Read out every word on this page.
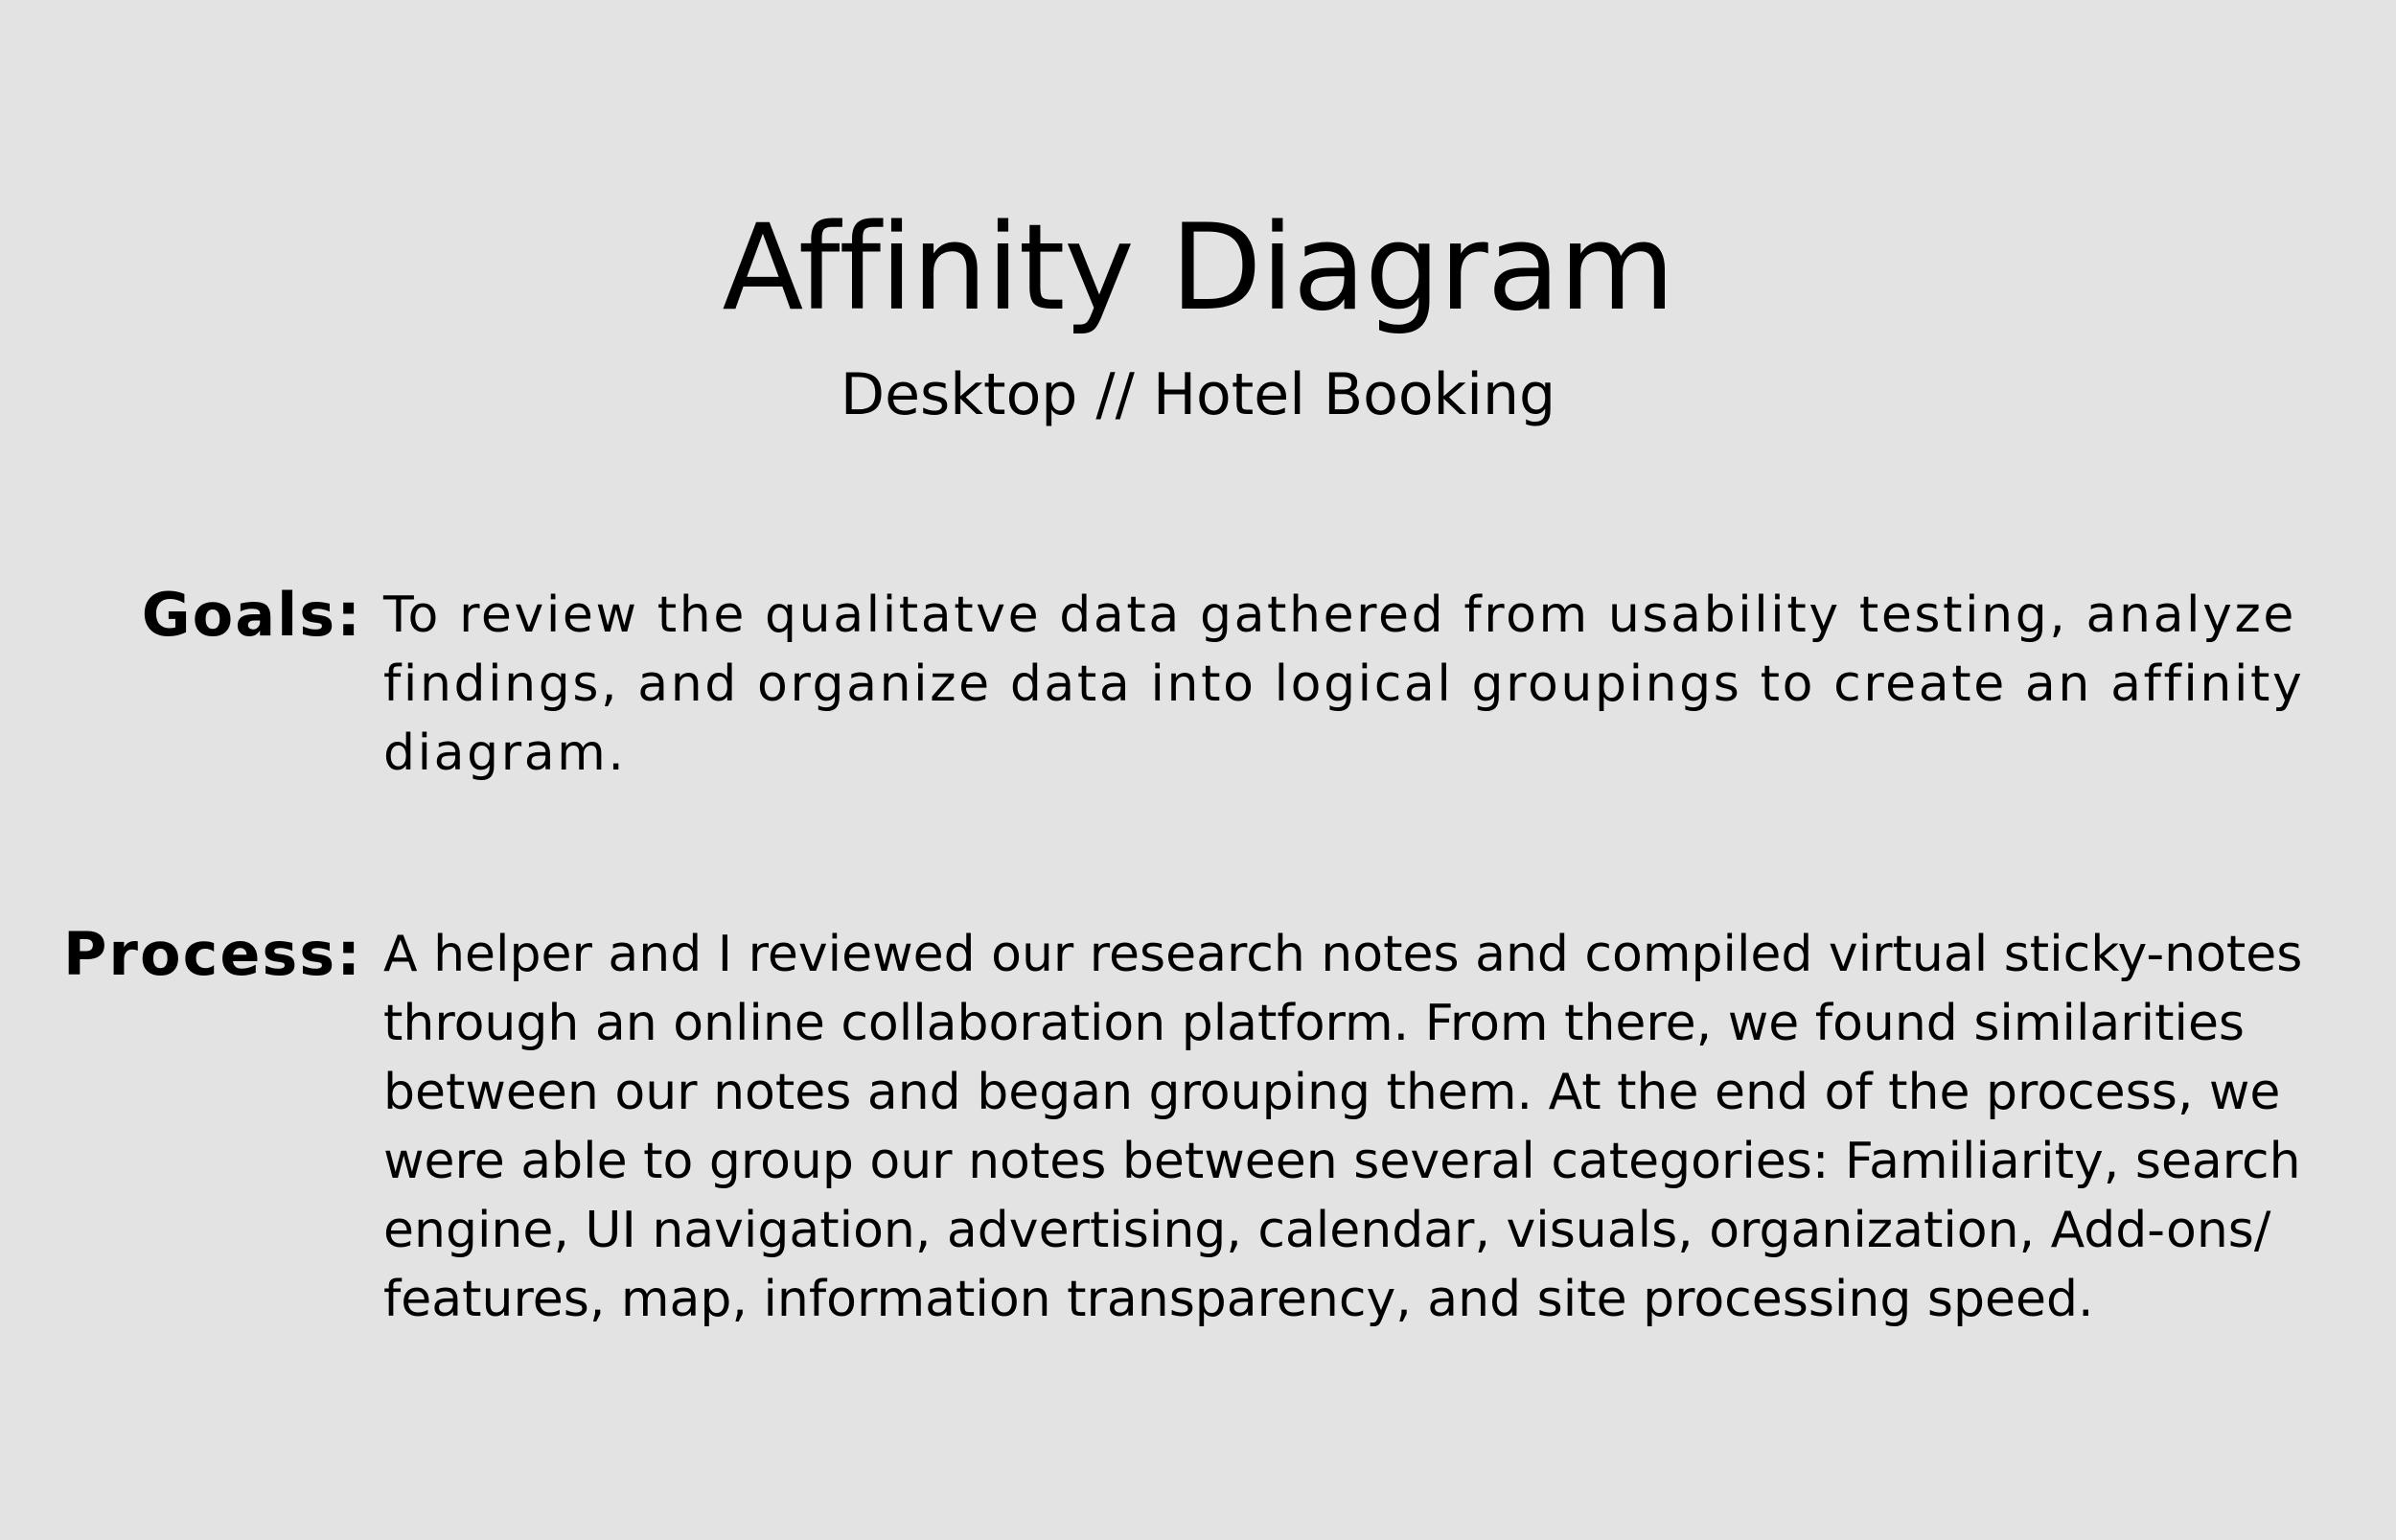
Affinity Diagram
Desktop // Hotel Booking
Goals: To review the qualitatve data gathered from usability testing, analyze
findings, and organize data into logical groupings to create an affinity
diagram.
Process: A helper and I reviewed our research notes and compiled virtual sticky-notes
through an online collaboration platform. From there, we found similarities
between our notes and began grouping them. At the end of the process, we
were able to group our notes between several categories: Familiarity, search
engine, UI navigation, advertising, calendar, visuals, organization, Add-ons/
features, map, information transparency, and site processing speed.
